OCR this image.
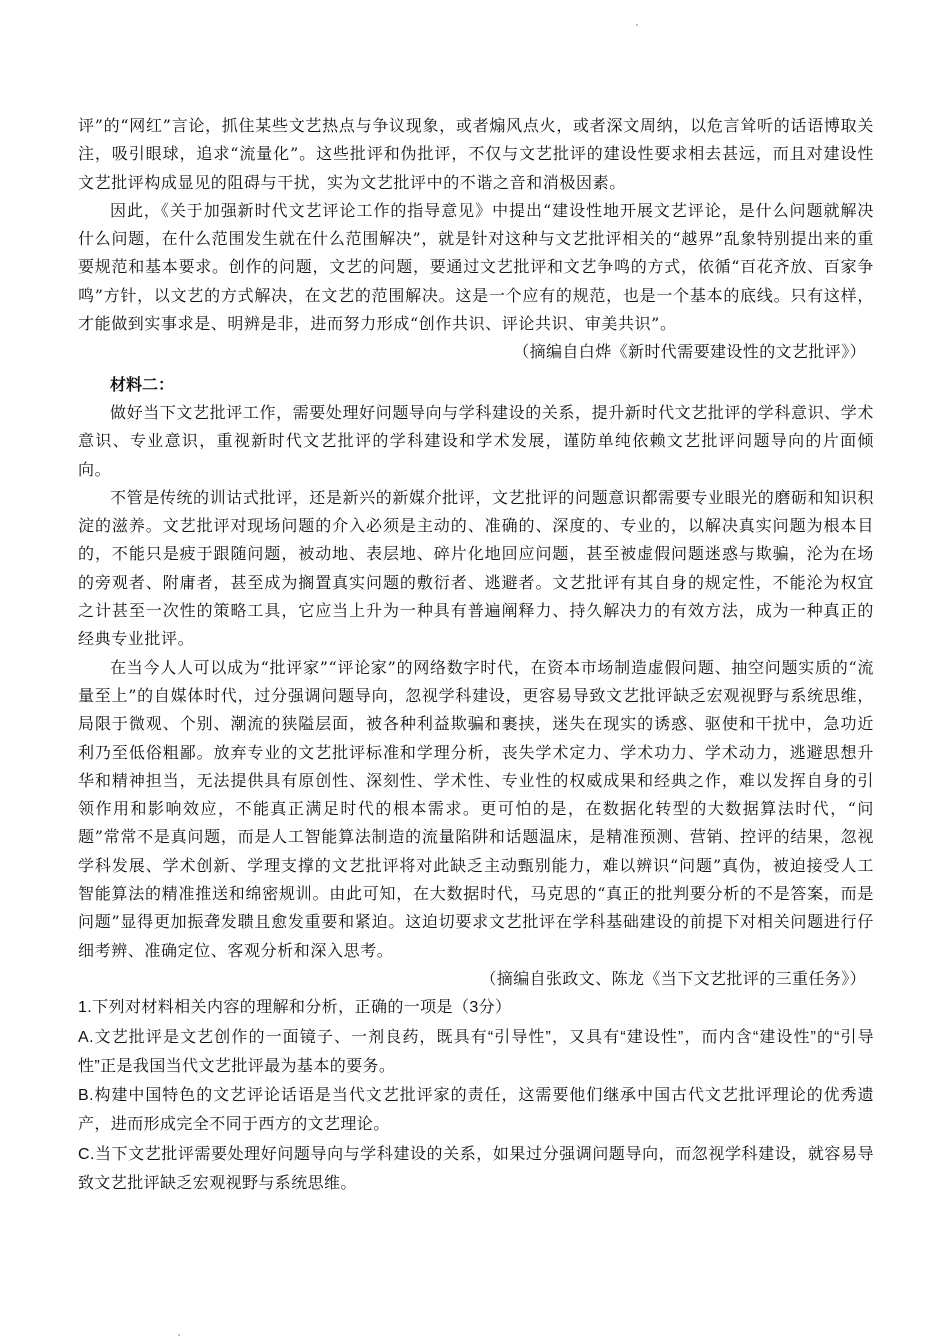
评”的“网红”言论，抓住某些文艺热点与争议现象，或者煽风点火，或者深文周纳，以危言耸听的话语博取关注，吸引眼球，追求“流量化”。这些批评和伪批评，不仅与文艺批评的建设性要求相去甚远，而且对建设性文艺批评构成显见的阻碍与干扰，实为文艺批评中的不谐之音和消极因素。

因此，《关于加强新时代文艺评论工作的指导意见》中提出“建设性地开展文艺评论，是什么问题就解决什么问题，在什么范围发生就在什么范围解决”，就是针对这种与文艺批评相关的“越界”乱象特别提出来的重要规范和基本要求。创作的问题，文艺的问题，要通过文艺批评和文艺争鸣的方式，依循“百花齐放、百家争鸣”方针，以文艺的方式解决，在文艺的范围解决。这是一个应有的规范，也是一个基本的底线。只有这样，才能做到实事求是、明辨是非，进而努力形成“创作共识、评论共识、审美共识”。

（摘编自白烨《新时代需要建设性的文艺批评》）

材料二：

做好当下文艺批评工作，需要处理好问题导向与学科建设的关系，提升新时代文艺批评的学科意识、学术意识、专业意识，重视新时代文艺批评的学科建设和学术发展，谨防单纯依赖文艺批评问题导向的片面倾向。

不管是传统的训诂式批评，还是新兴的新媒介批评，文艺批评的问题意识都需要专业眼光的磨砺和知识积淀的滋养。文艺批评对现场问题的介入必须是主动的、准确的、深度的、专业的，以解决真实问题为根本目的，不能只是疲于跟随问题，被动地、表层地、碎片化地回应问题，甚至被虚假问题迷惑与欺骗，沦为在场的旁观者、附庸者，甚至成为搁置真实问题的敷衍者、逃避者。文艺批评有其自身的规定性，不能沦为权宜之计甚至一次性的策略工具，它应当上升为一种具有普遍阐释力、持久解决力的有效方法，成为一种真正的经典专业批评。

在当今人人可以成为“批评家”“评论家”的网络数字时代，在资本市场制造虚假问题、抽空问题实质的“流量至上”的自媒体时代，过分强调问题导向，忽视学科建设，更容易导致文艺批评缺乏宏观视野与系统思维，局限于微观、个别、潮流的狭隘层面，被各种利益欺骗和裹挟，迷失在现实的诱惑、驱使和干扰中，急功近利乃至低俗粗鄙。放弃专业的文艺批评标准和学理分析，丧失学术定力、学术功力、学术动力，逃避思想升华和精神担当，无法提供具有原创性、深刻性、学术性、专业性的权威成果和经典之作，难以发挥自身的引领作用和影响效应，不能真正满足时代的根本需求。更可怕的是，在数据化转型的大数据算法时代，“问题”常常不是真问题，而是人工智能算法制造的流量陷阱和话题温床，是精准预测、营销、控评的结果，忽视学科发展、学术创新、学理支撑的文艺批评将对此缺乏主动甄别能力，难以辨识“问题”真伪，被迫接受人工智能算法的精准推送和绵密规训。由此可知，在大数据时代，马克思的“真正的批判要分析的不是答案，而是问题”显得更加振聋发聩且愈发重要和紧迫。这迫切要求文艺批评在学科基础建设的前提下对相关问题进行仔细考辨、准确定位、客观分析和深入思考。

（摘编自张政文、陈龙《当下文艺批评的三重任务》）

1.下列对材料相关内容的理解和分析，正确的一项是（3分）

A.文艺批评是文艺创作的一面镜子、一剂良药，既具有“引导性”，又具有“建设性”，而内含“建设性”的“引导性”正是我国当代文艺批评最为基本的要务。

B.构建中国特色的文艺评论话语是当代文艺批评家的责任，这需要他们继承中国古代文艺批评理论的优秀遗产，进而形成完全不同于西方的文艺理论。

C.当下文艺批评需要处理好问题导向与学科建设的关系，如果过分强调问题导向，而忽视学科建设，就容易导致文艺批评缺乏宏观视野与系统思维。
